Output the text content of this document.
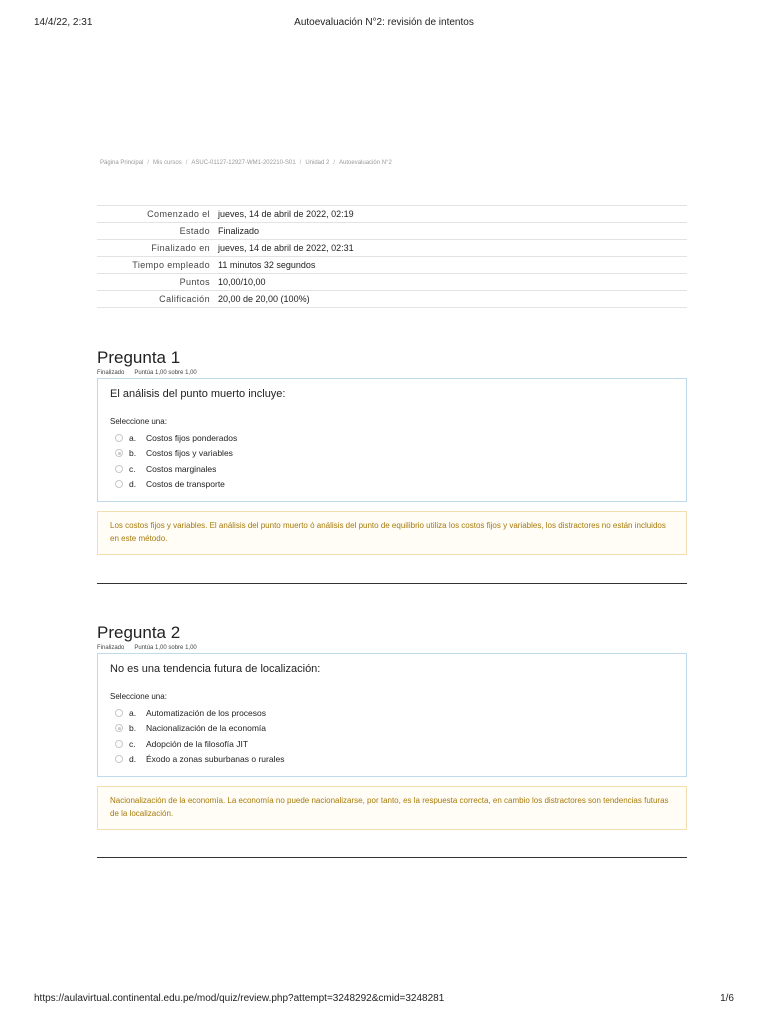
14/4/22, 2:31	Autoevaluación N°2: revisión de intentos
Página Principal / Mis cursos / ASUC-01127-12927-WM1-202210-S01 / Unidad 2 / Autoevaluación N°2
Comenzado el	jueves, 14 de abril de 2022, 02:19
Estado	Finalizado
Finalizado en	jueves, 14 de abril de 2022, 02:31
Tiempo empleado	11 minutos 32 segundos
Puntos	10,00/10,00
Calificación	20,00 de 20,00 (100%)
Pregunta 1
Finalizado Puntúa 1,00 sobre 1,00
El análisis del punto muerto incluye:
Seleccione una:
a.	Costos fijos ponderados
b.	Costos fijos y variables
c.	Costos marginales
d.	Costos de transporte
Los costos fijos y variables. El análisis del punto muerto ó análisis del punto de equilibrio utiliza los costos fijos y variables, los distractores no están incluidos en este método.
Pregunta 2
Finalizado Puntúa 1,00 sobre 1,00
No es una tendencia futura de localización:
Seleccione una:
a.	Automatización de los procesos
b.	Nacionalización de la economía
c.	Adopción de la filosofía JIT
d.	Éxodo a zonas suburbanas o rurales
Nacionalización de la economía. La economía no puede nacionalizarse, por tanto, es la respuesta correcta, en cambio los distractores son tendencias futuras de la localización.
https://aulavirtual.continental.edu.pe/mod/quiz/review.php?attempt=3248292&cmid=3248281	1/6
